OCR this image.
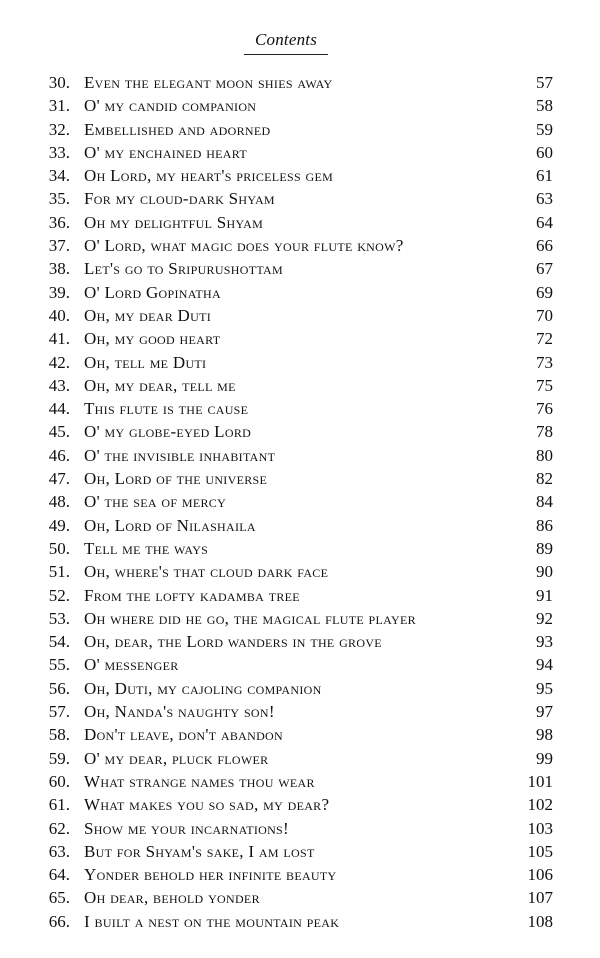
Contents
30. Even the elegant moon shies away	57
31. O' my candid companion	58
32. Embellished and adorned	59
33. O' my enchained heart	60
34. Oh Lord, my heart's priceless gem	61
35. For my cloud-dark Shyam	63
36. Oh my delightful Shyam	64
37. O' Lord, what magic does your flute know?	66
38. Let's go to Sripurushottam	67
39. O' Lord Gopinatha	69
40. Oh, my dear Duti	70
41. Oh, my good heart	72
42. Oh, tell me Duti	73
43. Oh, my dear, tell me	75
44. This flute is the cause	76
45. O' my globe-eyed Lord	78
46. O' the invisible inhabitant	80
47. Oh, Lord of the universe	82
48. O' the sea of mercy	84
49. Oh, Lord of Nilashaila	86
50. Tell me the ways	89
51. Oh, where's that cloud dark face	90
52. From the lofty kadamba tree	91
53. Oh where did he go, the magical flute player	92
54. Oh, dear, the Lord wanders in the grove	93
55. O' messenger	94
56. Oh, Duti, my cajoling companion	95
57. Oh, Nanda's naughty son!	97
58. Don't leave, don't abandon	98
59. O' my dear, pluck flower	99
60. What strange names thou wear	101
61. What makes you so sad, my dear?	102
62. Show me your incarnations!	103
63. But for Shyam's sake, I am lost	105
64. Yonder behold her infinite beauty	106
65. Oh dear, behold yonder	107
66. I built a nest on the mountain peak	108
